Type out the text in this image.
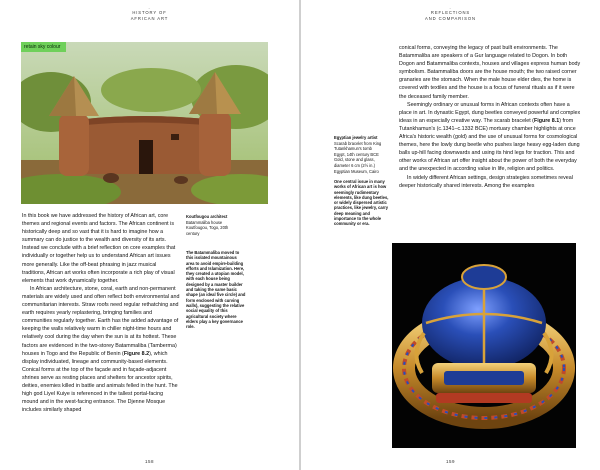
·
HISTORY OF
AFRICAN ART
retain sky colour
Koutfougou architect
Batammaliba house
Koutfougou, Togo, 20th
century
The Batammaliba moved to this isolated mountainous area to avoid empire-building efforts and Islamization. Here, they created a utopian model, with each house being designed by a master builder and taking the same basic shape (an ideal five circle) and form enclosed with curving walls), suggesting the relative social equality of this agricultural society where elders play a key governance role.

In this book we have addressed the history of African art, core themes and regional events and factors. The African continent is historically deep and so vast that it is hard to imagine how a summary can do justice to the wealth and diversity of its arts. Instead we conclude with a brief reflection on core examples that individually or together help us to understand African art issues more generally. Like the off-beat phrasing in jazz musical traditions, African art works often incorporate a rich play of visual elements that work dynamically together.

In African architecture, stone, coral, earth and non-permanent materials are widely used and often reflect both environmental and communitarian interests. Straw roofs need regular rethatching and earth requires yearly replastering, bringing families and communities regularly together. Earth has the added advantage of keeping the walls relatively warm in chiller night-time hours and relatively cool during the day when the sun is at its hottest. These factors are evidenced in the two-storey Batammaliba (Tamberma) houses in Togo and the Republic of Benin (Figure 8.2), which display individuated, lineage and community-based elements. Conical forms at the top of the façade and in façade-adjacent shrines serve as resting places and shelters for ancestor spirits, deities, enemies killed in battle and animals felled in the hunt. The high god Liyel Kuiye is referenced in the tallest portal-facing mound and in the west-facing entrance. The Djenne Mosque includes similarly shaped

158
·
REFLECTIONS
AND COMPARISON
Egyptian jewelry artist
Scarab bracelet from King
Tutankhamun's tomb
Egypt, 14th century BCE
Gold, stone and glass,
diameter 6 cm (2½ in.)
Egyptian Museum, Cairo
One central issue in many works of African art is how seemingly rudimentary elements, like dung beetles, or widely dispersed artistic practices, like jewelry, carry deep meaning and importance to the whole community or era.

conical forms, conveying the legacy of past built environments. The Batammaliba are speakers of a Gur language related to Dogon. In both Dogon and Batammaliba contexts, houses and villages express human body symbolism. Batammaliba doors are the house mouth; the two raised corner granaries are the stomach. When the male house elder dies, the home is covered with textiles and the house is a focus of funeral rituals as if it were the deceased family member.

Seemingly ordinary or unusual forms in African contexts often have a place in art. In dynastic Egypt, dung beetles conveyed powerful and complex ideas in an especially creative way. The scarab bracelet (Figure 8.1) from Tutankhamun's (c.1341–c.1332 BCE) mortuary chamber highlights at once Africa's historic wealth (gold) and the use of unusual forms for cosmological themes, here the lowly dung beetle who pushes large heavy egg-laden dung balls up-hill facing downwards and using its hind legs for traction. This and other works of African art offer insight about the power of both the everyday and the unexpected in according value in life, religion and politics.

In widely different African settings, design strategies sometimes reveal deeper historically shared interests. Among the examples

159
